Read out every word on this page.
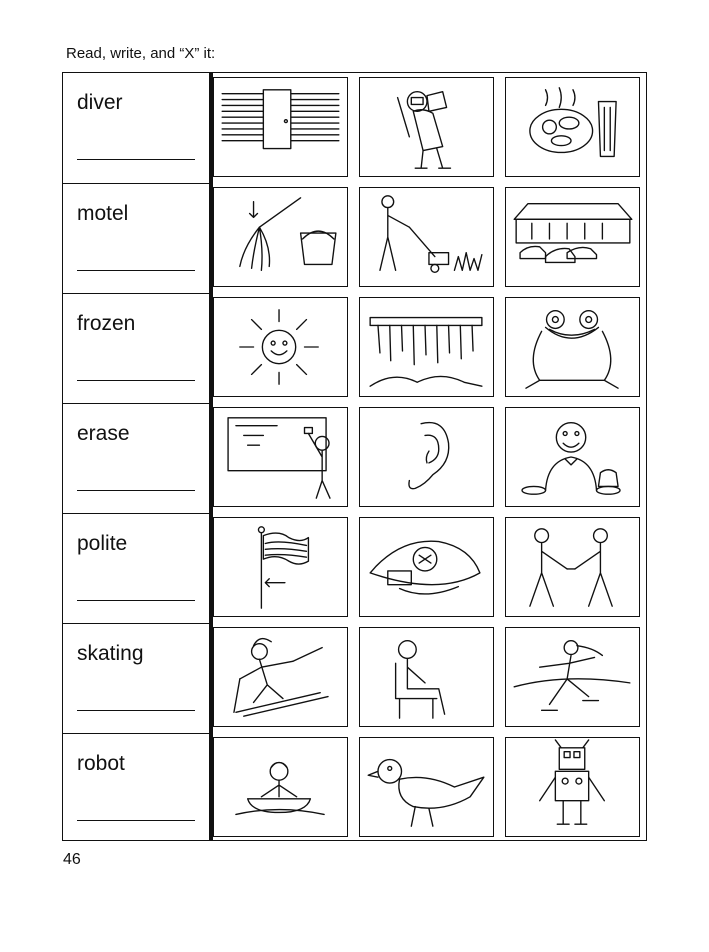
Read, write, and “X” it:
diver
motel
frozen
erase
polite
skating
robot
46
